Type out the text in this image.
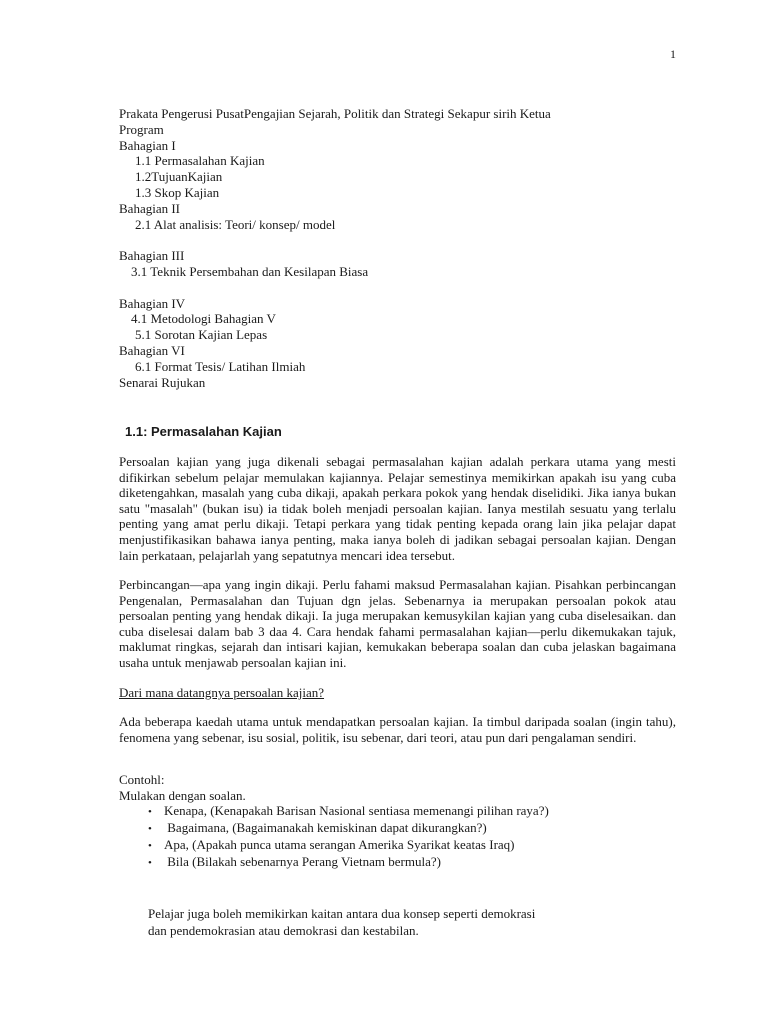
1
Prakata Pengerusi PusatPengajian Sejarah, Politik dan Strategi Sekapur sirih Ketua
Program
Bahagian I
1.1 Permasalahan Kajian
1.2TujuanKajian
1.3 Skop Kajian
Bahagian II
2.1 Alat analisis: Teori/ konsep/ model
Bahagian III
3.1 Teknik Persembahan dan Kesilapan Biasa
Bahagian IV
4.1 Metodologi Bahagian V
5.1 Sorotan Kajian Lepas
Bahagian VI
6.1 Format Tesis/ Latihan Ilmiah
Senarai Rujukan
1.1: Permasalahan Kajian

Persoalan kajian yang juga dikenali sebagai permasalahan kajian adalah perkara utama yang mesti difikirkan sebelum pelajar memulakan kajiannya. Pelajar semestinya memikirkan apakah isu yang cuba diketengahkan, masalah yang cuba dikaji, apakah perkara pokok yang hendak diselidiki. Jika ianya bukan satu "masalah" (bukan isu) ia tidak boleh menjadi persoalan kajian. Ianya mestilah sesuatu yang terlalu penting yang amat perlu dikaji. Tetapi perkara yang tidak penting kepada orang lain jika pelajar dapat menjustifikasikan bahawa ianya penting, maka ianya boleh di jadikan sebagai persoalan kajian. Dengan lain perkataan, pelajarlah yang sepatutnya mencari idea tersebut.

Perbincangan—apa yang ingin dikaji. Perlu fahami maksud Permasalahan kajian. Pisahkan perbincangan Pengenalan, Permasalahan dan Tujuan dgn jelas. Sebenarnya ia merupakan persoalan pokok atau persoalan penting yang hendak dikaji. Ia juga merupakan kemusykilan kajian yang cuba diselesaikan. dan cuba diselesai dalam bab 3 daa 4. Cara hendak fahami permasalahan kajian—perlu dikemukakan tajuk, maklumat ringkas, sejarah dan intisari kajian, kemukakan beberapa soalan dan cuba jelaskan bagaimana usaha untuk menjawab persoalan kajian ini.

Dari mana datangnya persoalan kajian?

Ada beberapa kaedah utama untuk mendapatkan persoalan kajian. Ia timbul daripada soalan (ingin tahu), fenomena yang sebenar, isu sosial, politik, isu sebenar, dari teori, atau pun dari pengalaman sendiri.

Contohl:
Mulakan dengan soalan.
• Kenapa, (Kenapakah Barisan Nasional sentiasa memenangi pilihan raya?)
• Bagaimana, (Bagaimanakah kemiskinan dapat dikurangkan?)
• Apa, (Apakah punca utama serangan Amerika Syarikat keatas Iraq)
• Bila (Bilakah sebenarnya Perang Vietnam bermula?)
Pelajar juga boleh memikirkan kaitan antara dua konsep seperti demokrasi
dan pendemokrasian atau demokrasi dan kestabilan.
